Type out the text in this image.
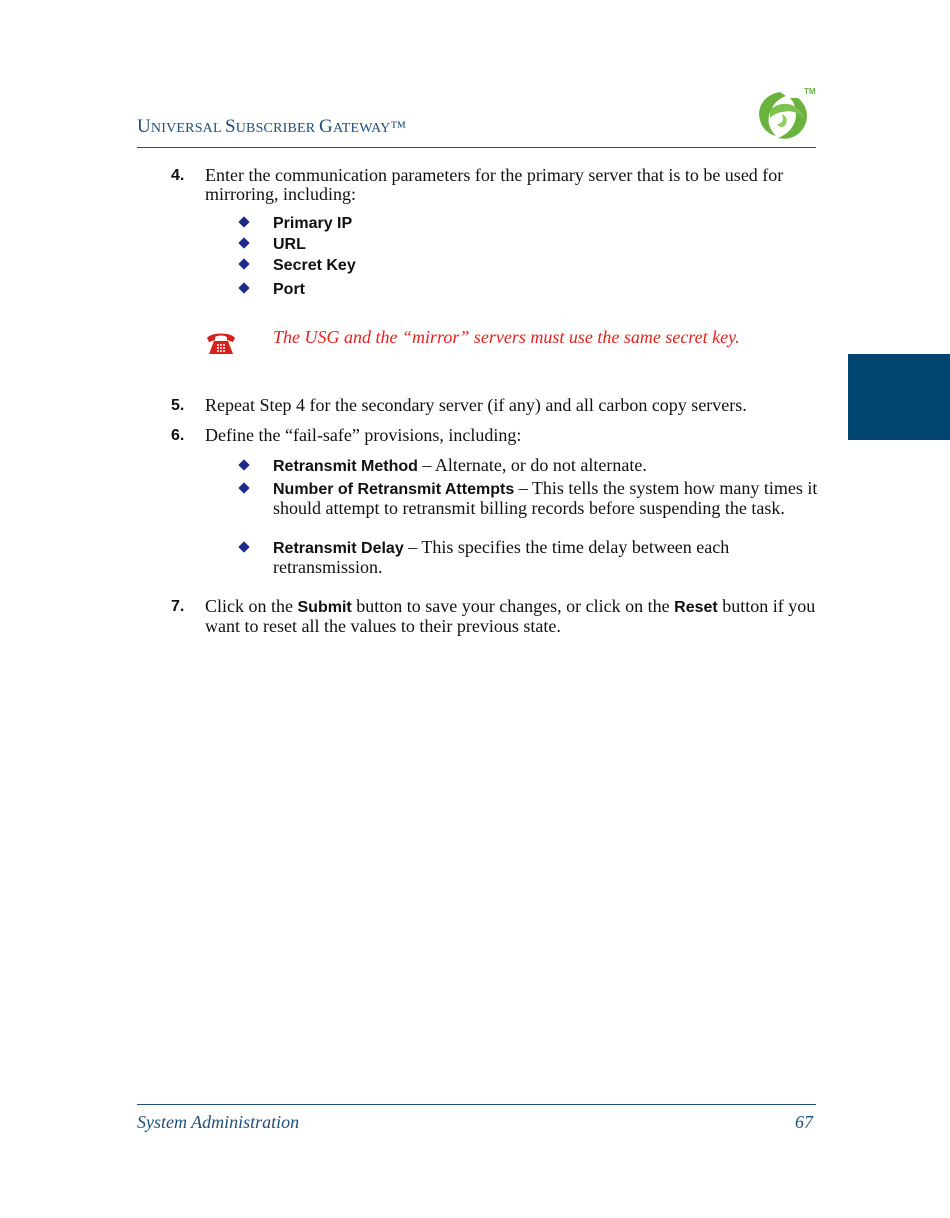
UNIVERSAL SUBSCRIBER GATEWAY™
TM
4. Enter the communication parameters for the primary server that is to be used for mirroring, including:
Primary IP
URL
Secret Key
Port
The USG and the “mirror” servers must use the same secret key.
5. Repeat Step 4 for the secondary server (if any) and all carbon copy servers.
6. Define the “fail-safe” provisions, including:
Retransmit Method – Alternate, or do not alternate.
Number of Retransmit Attempts – This tells the system how many times it should attempt to retransmit billing records before suspending the task.
Retransmit Delay – This specifies the time delay between each retransmission.
7. Click on the Submit button to save your changes, or click on the Reset button if you want to reset all the values to their previous state.
System Administration	67
